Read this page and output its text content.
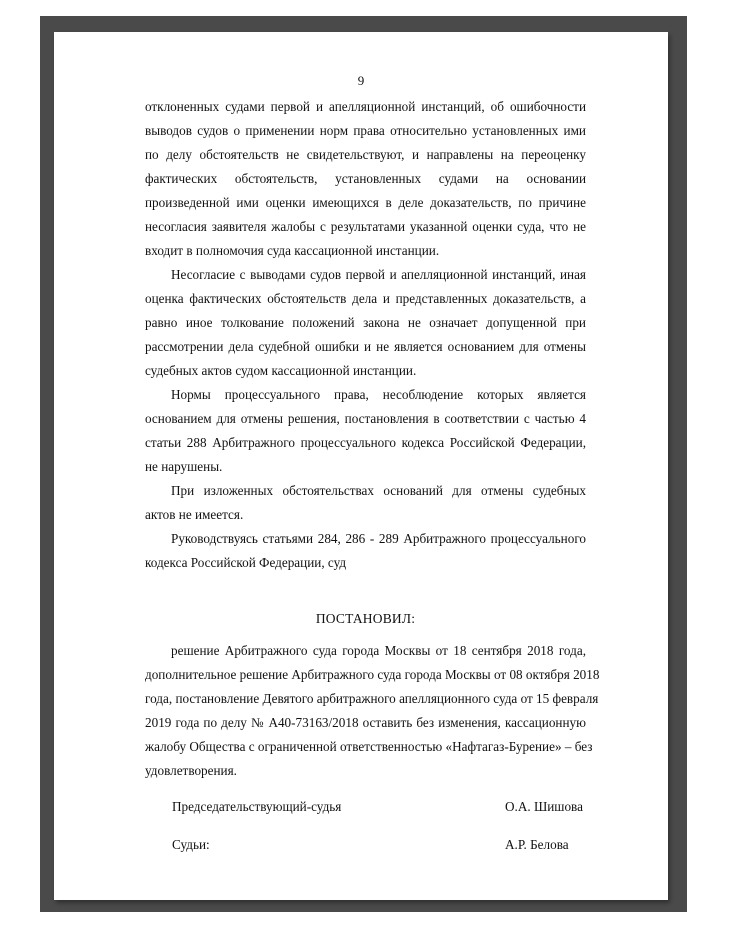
9
отклоненных судами первой и апелляционной инстанций, об ошибочности
выводов судов о применении норм права относительно установленных ими
по делу обстоятельств не свидетельствуют, и направлены на переоценку
фактических обстоятельств, установленных судами на основании
произведенной ими оценки имеющихся в деле доказательств, по причине
несогласия заявителя жалобы с результатами указанной оценки суда, что не
входит в полномочия суда кассационной инстанции.
Несогласие с выводами судов первой и апелляционной инстанций, иная
оценка фактических обстоятельств дела и представленных доказательств, а
равно иное толкование положений закона не означает допущенной при
рассмотрении дела судебной ошибки и не является основанием для отмены
судебных актов судом кассационной инстанции.
Нормы процессуального права, несоблюдение которых является
основанием для отмены решения, постановления в соответствии с частью 4
статьи 288 Арбитражного процессуального кодекса Российской Федерации,
не нарушены.
При изложенных обстоятельствах оснований для отмены судебных
актов не имеется.
Руководствуясь статьями 284, 286 - 289 Арбитражного процессуального
кодекса Российской Федерации, суд
ПОСТАНОВИЛ:
решение Арбитражного суда города Москвы от 18 сентября 2018 года,
дополнительное решение Арбитражного суда города Москвы от 08 октября 2018
года, постановление Девятого арбитражного апелляционного суда от 15 февраля
2019 года по делу № А40-73163/2018 оставить без изменения, кассационную
жалобу Общества с ограниченной ответственностью «Нафтагаз-Бурение» – без
удовлетворения.
Председательствующий-судья	О.А. Шишова
Судьи:	А.Р. Белова
